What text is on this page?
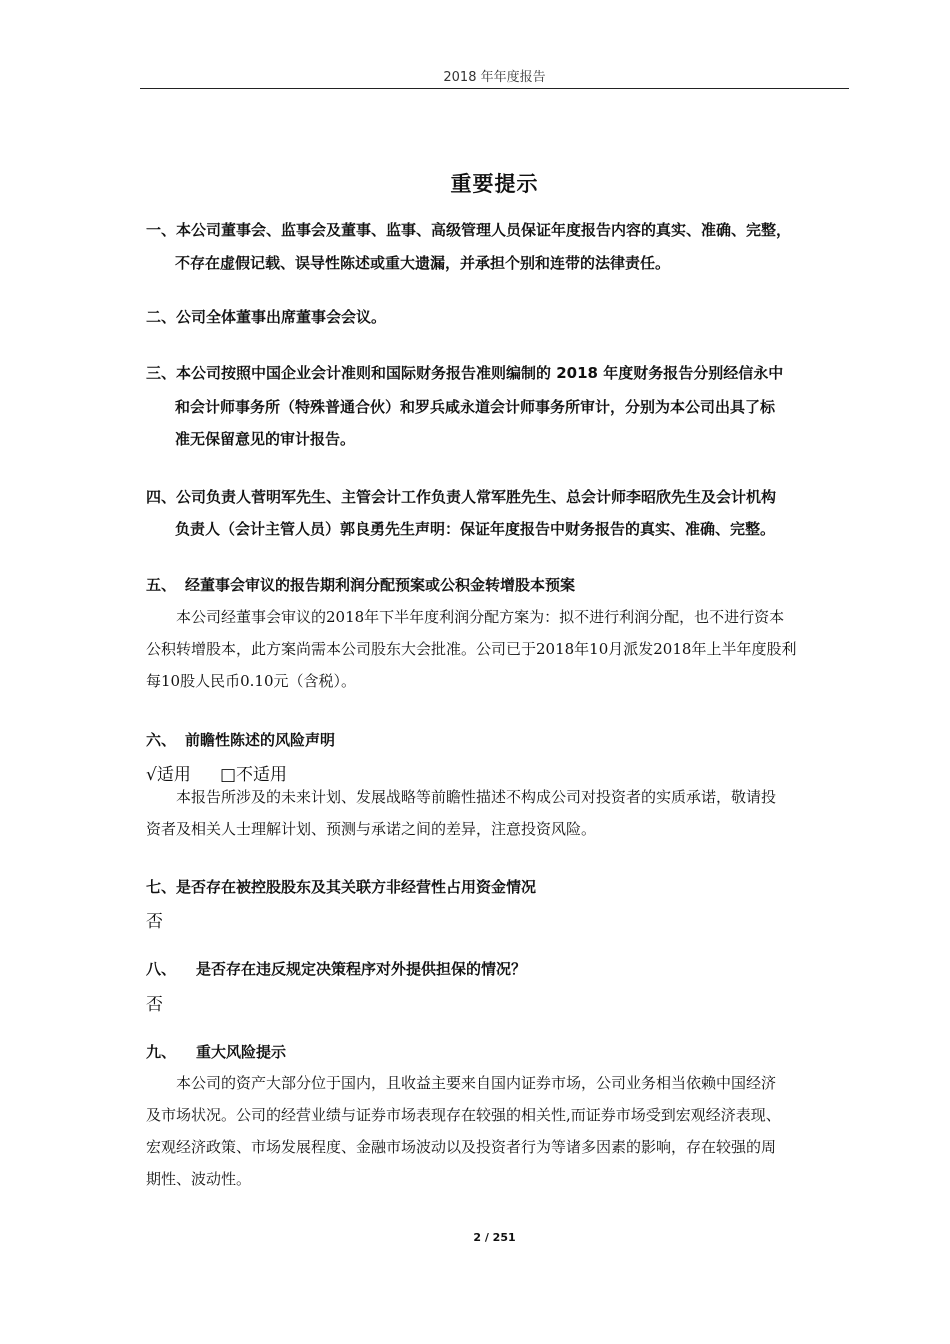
2018 年年度报告
重要提示
一、本公司董事会、监事会及董事、监事、高级管理人员保证年度报告内容的真实、准确、完整，
不存在虚假记载、误导性陈述或重大遗漏，并承担个别和连带的法律责任。
二、公司全体董事出席董事会会议。
三、本公司按照中国企业会计准则和国际财务报告准则编制的 2018 年度财务报告分别经信永中
和会计师事务所（特殊普通合伙）和罗兵咸永道会计师事务所审计，分别为本公司出具了标
准无保留意见的审计报告。
四、公司负责人菅明军先生、主管会计工作负责人常军胜先生、总会计师李昭欣先生及会计机构
负责人（会计主管人员）郭良勇先生声明：保证年度报告中财务报告的真实、准确、完整。
五、 经董事会审议的报告期利润分配预案或公积金转增股本预案
本公司经董事会审议的2018年下半年度利润分配方案为：拟不进行利润分配，也不进行资本
公积转增股本，此方案尚需本公司股东大会批准。公司已于2018年10月派发2018年上半年度股利
每10股人民币0.10元（含税）。
六、 前瞻性陈述的风险声明
√适用 □不适用
本报告所涉及的未来计划、发展战略等前瞻性描述不构成公司对投资者的实质承诺，敬请投
资者及相关人士理解计划、预测与承诺之间的差异，注意投资风险。
七、是否存在被控股股东及其关联方非经营性占用资金情况
否
八、 是否存在违反规定决策程序对外提供担保的情况？
否
九、 重大风险提示
本公司的资产大部分位于国内，且收益主要来自国内证券市场，公司业务相当依赖中国经济
及市场状况。公司的经营业绩与证券市场表现存在较强的相关性,而证券市场受到宏观经济表现、
宏观经济政策、市场发展程度、金融市场波动以及投资者行为等诸多因素的影响，存在较强的周
期性、波动性。
2 / 251
